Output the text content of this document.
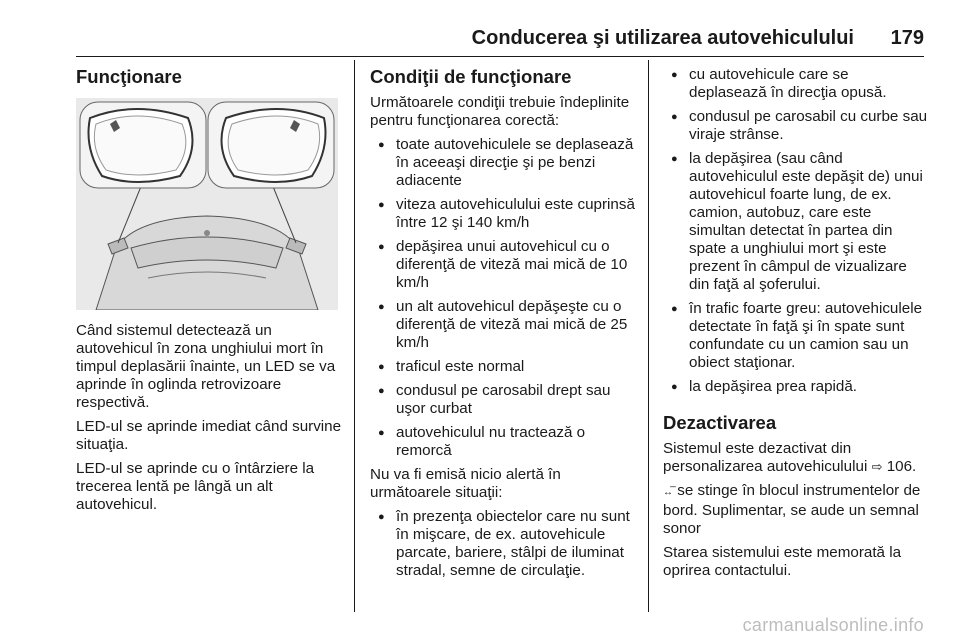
Conducerea şi utilizarea autovehiculului 179
Funcţionare

Când sistemul detectează un autovehicul în zona unghiului mort în timpul deplasării înainte, un LED se va aprinde în oglinda retrovizoare respectivă.

LED-ul se aprinde imediat când survine situaţia.

LED-ul se aprinde cu o întârziere la trecerea lentă pe lângă un alt autovehicul.

Condiţii de funcţionare

Următoarele condiţii trebuie îndeplinite pentru funcţionarea corectă:

● toate autovehiculele se deplasează în aceeaşi direcţie şi pe benzi adiacente
● viteza autovehiculului este cuprinsă între 12 şi 140 km/h
● depăşirea unui autovehicul cu o diferenţă de viteză mai mică de 10 km/h
● un alt autovehicul depăşeşte cu o diferenţă de viteză mai mică de 25 km/h
● traficul este normal
● condusul pe carosabil drept sau uşor curbat
● autovehiculul nu tractează o remorcă

Nu va fi emisă nicio alertă în următoarele situaţii:

● în prezenţa obiectelor care nu sunt în mişcare, de ex. autovehicule parcate, bariere, stâlpi de iluminat stradal, semne de circulaţie.
● cu autovehicule care se deplasează în direcţia opusă.
● condusul pe carosabil cu curbe sau viraje strânse.
● la depăşirea (sau când autovehiculul este depăşit de) unui autovehicul foarte lung, de ex. camion, autobuz, care este simultan detectat în partea din spate a unghiului mort şi este prezent în câmpul de vizualizare din faţă al şoferului.
● în trafic foarte greu: autovehiculele detectate în faţă şi în spate sunt confundate cu un camion sau un obiect staţionar.
● la depăşirea prea rapidă.
Dezactivarea

Sistemul este dezactivat din personalizarea autovehiculului ⇨ 106.

↔̅ se stinge în blocul instrumentelor de bord. Suplimentar, se aude un semnal sonor

Starea sistemului este memorată la oprirea contactului.

carmanualsonline.info
